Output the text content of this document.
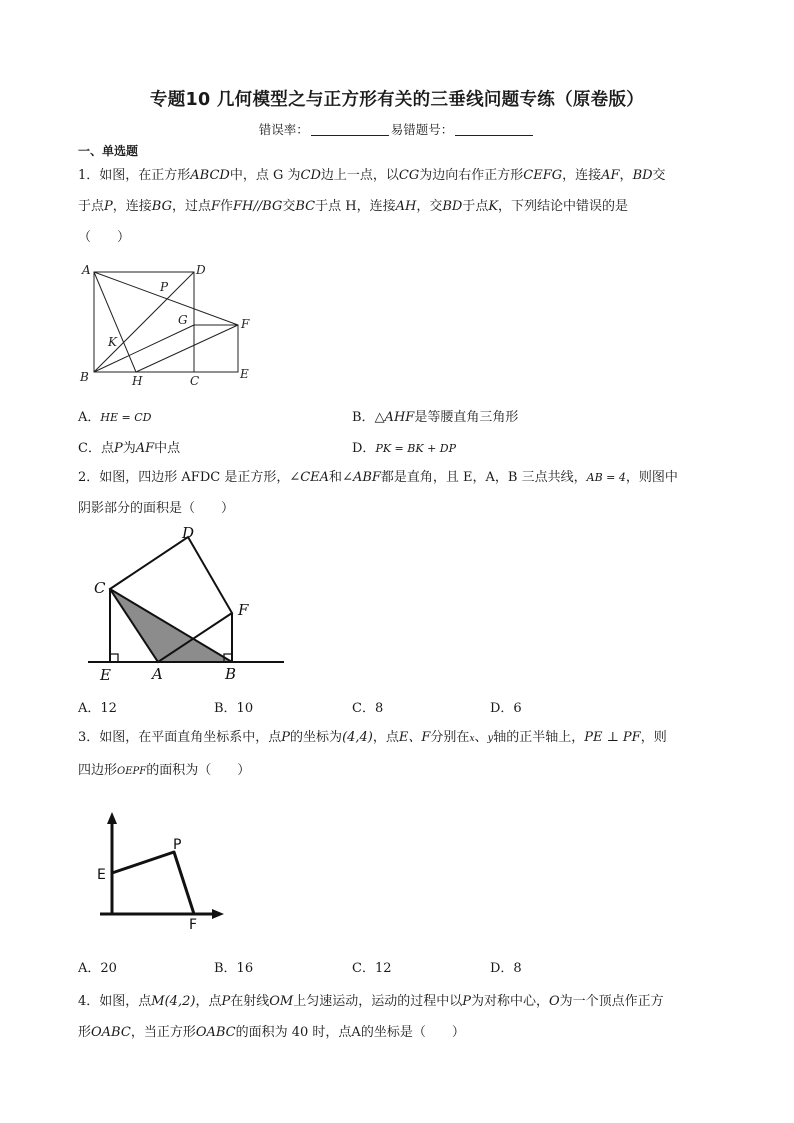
专题10 几何模型之与正方形有关的三垂线问题专练（原卷版）
错误率：	易错题号：
一、单选题
1．如图，在正方形ABCD中，点 G 为CD边上一点，以CG为边向右作正方形CEFG，连接AF，BD交
于点P，连接BG，过点F作FH//BG交BC于点 H，连接AH，交BD于点K，下列结论中错误的是
（　　）
A	D
P
G	F
K
B	H	C	E
A．HE = CD	B．△AHF是等腰直角三角形
C．点P为AF中点	D．PK = BK + DP
2．如图，四边形 AFDC 是正方形，∠CEA和∠ABF都是直角，且 E，A，B 三点共线，AB = 4，则图中
阴影部分的面积是（　　）
C
D
F
E	A	B
A．12	B．10	C．8	D．6
3．如图，在平面直角坐标系中，点P的坐标为(4,4)，点E、F分别在x、y轴的正半轴上，PE ⊥ PF，则
四边形OEPF的面积为（　　）
E
P
F
A．20	B．16	C．12	D．8
4．如图，点M(4,2)，点P在射线OM上匀速运动，运动的过程中以P为对称中心，O为一个顶点作正方
形OABC，当正方形OABC的面积为 40 时，点A的坐标是（　　）
